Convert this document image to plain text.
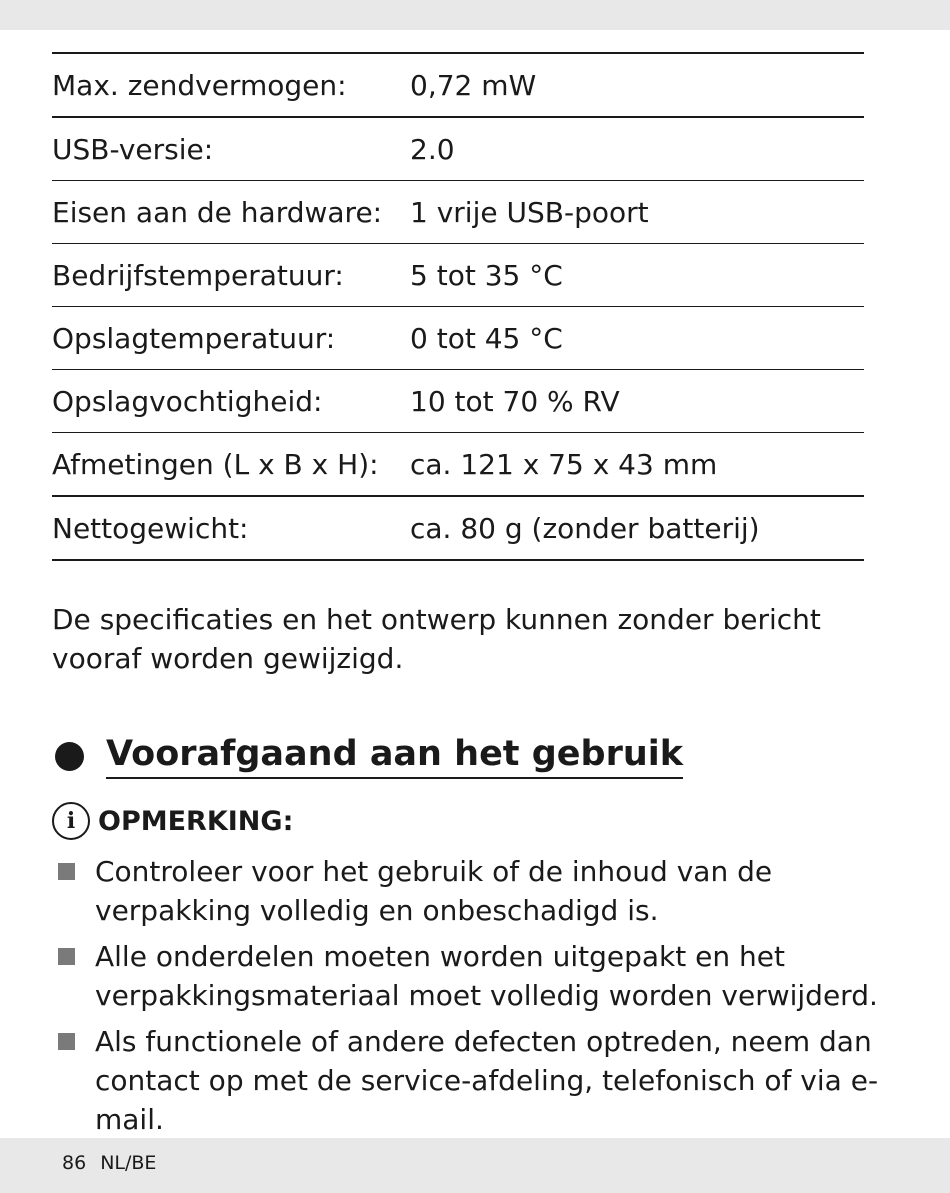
Max. zendvermogen:	0,72 mW
USB-versie:	2.0
Eisen aan de hardware: 1 vrije USB-poort
Bedrijfstemperatuur:	5 tot 35 °C
Opslagtemperatuur:	0 tot 45 °C
Opslagvochtigheid:	10 tot 70 % RV
Afmetingen (L x B x H):	ca. 121 x 75 x 43 mm
Nettogewicht:	ca. 80 g (zonder batterij)
De specificaties en het ontwerp kunnen zonder bericht vooraf worden gewijzigd.
Voorafgaand aan het gebruik
i OPMERKING:
Controleer voor het gebruik of de inhoud van de verpakking volledig en onbeschadigd is.
Alle onderdelen moeten worden uitgepakt en het verpakkingsmateriaal moet volledig worden verwijderd.
Als functionele of andere defecten optreden, neem dan contact op met de service-afdeling, telefonisch of via e-mail.
86 NL/BE
